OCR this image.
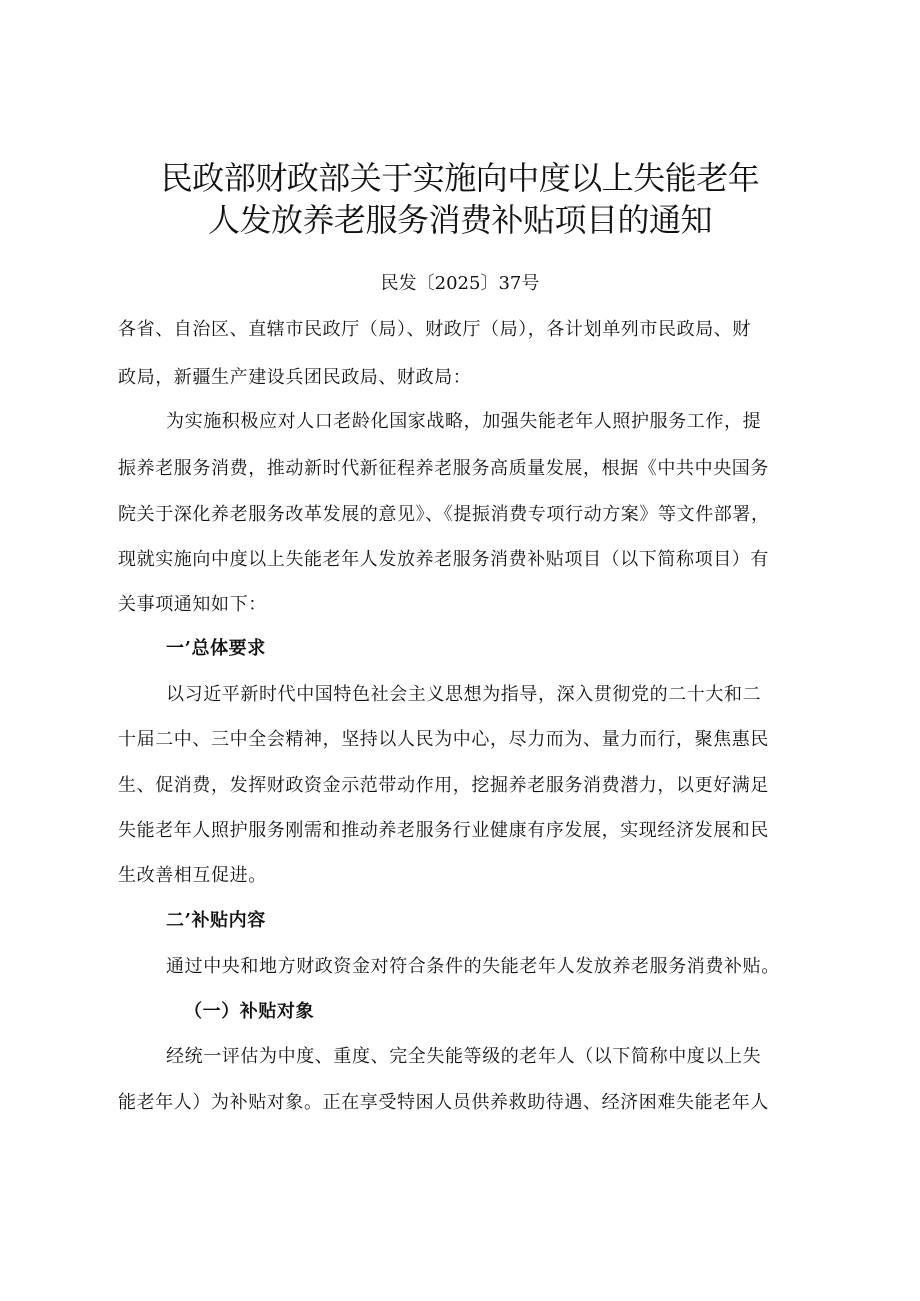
民政部财政部关于实施向中度以上失能老年
人发放养老服务消费补贴项目的通知
民发〔2025〕37号
各省、自治区、直辖市民政厅（局）、财政厅（局），各计划单列市民政局、财
政局，新疆生产建设兵团民政局、财政局：
为实施积极应对人口老龄化国家战略，加强失能老年人照护服务工作，提
振养老服务消费，推动新时代新征程养老服务高质量发展，根据《中共中央国务
院关于深化养老服务改革发展的意见》、《提振消费专项行动方案》等文件部署，
现就实施向中度以上失能老年人发放养老服务消费补贴项目（以下简称项目）有
关事项通知如下：
一’总体要求
以习近平新时代中国特色社会主义思想为指导，深入贯彻党的二十大和二
十届二中、三中全会精神，坚持以人民为中心，尽力而为、量力而行，聚焦惠民
生、促消费，发挥财政资金示范带动作用，挖掘养老服务消费潜力，以更好满足
失能老年人照护服务刚需和推动养老服务行业健康有序发展，实现经济发展和民
生改善相互促进。
二’补贴内容
通过中央和地方财政资金对符合条件的失能老年人发放养老服务消费补贴。
（一）补贴对象
经统一评估为中度、重度、完全失能等级的老年人（以下简称中度以上失
能老年人）为补贴对象。正在享受特困人员供养救助待遇、经济困难失能老年人
